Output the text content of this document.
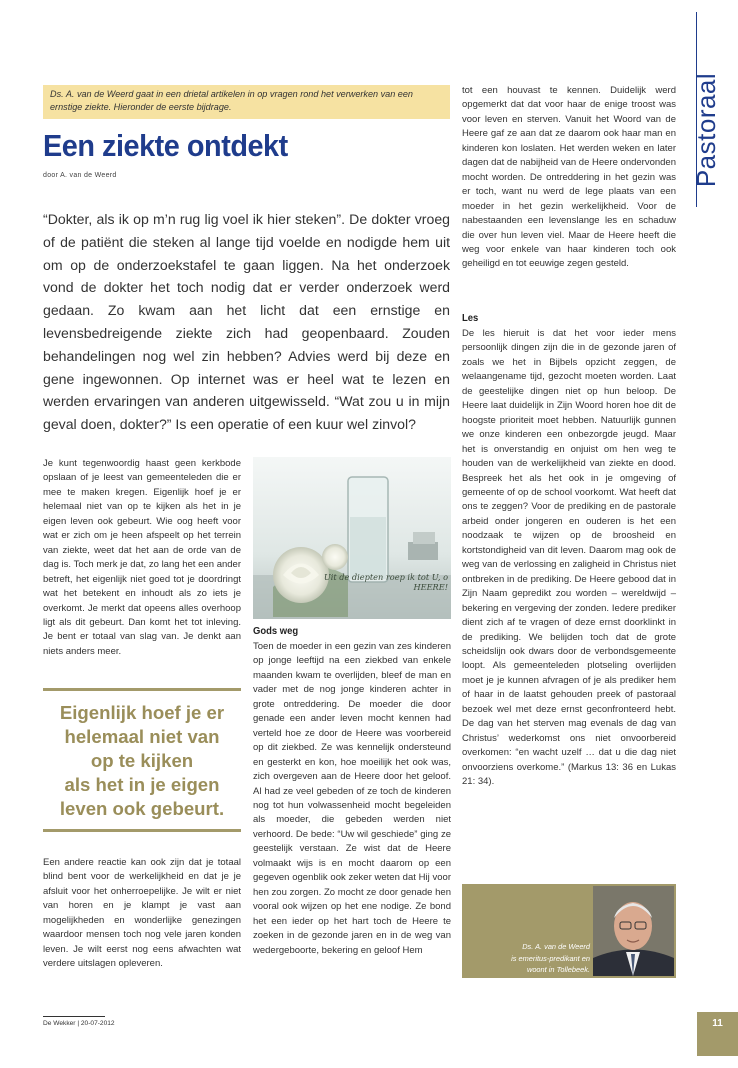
Ds. A. van de Weerd gaat in een drietal artikelen in op vragen rond het verwerken van een ernstige ziekte. Hieronder de eerste bijdrage.
Een ziekte ontdekt
door A. van de Weerd

“Dokter, als ik op m’n rug lig voel ik hier steken”. De dokter vroeg of de patiënt die steken al lange tijd voelde en nodigde hem uit om op de onderzoekstafel te gaan liggen. Na het onderzoek vond de dokter het toch nodig dat er verder onderzoek werd gedaan. Zo kwam aan het licht dat een ernstige en levensbedreigende ziekte zich had geopenbaard. Zouden behandelingen nog wel zin hebben? Advies werd bij deze en gene ingewonnen. Op internet was er heel wat te lezen en werden ervaringen van anderen uitgewisseld. “Wat zou u in mijn geval doen, dokter?” Is een operatie of een kuur wel zinvol?

Je kunt tegenwoordig haast geen kerkbode opslaan of je leest van gemeenteleden die er mee te maken kregen. Eigenlijk hoef je er helemaal niet van op te kijken als het in je eigen leven ook gebeurt. Wie oog heeft voor wat er zich om je heen afspeelt op het terrein van ziekte, weet dat het aan de orde van de dag is. Toch merk je dat, zo lang het een ander betreft, het eigenlijk niet goed tot je doordringt wat het betekent en inhoudt als zo iets je overkomt. Je merkt dat opeens alles overhoop ligt als dit gebeurt. Dan komt het tot inleving. Je bent er totaal van slag van. Je denkt aan niets anders meer.

Eigenlijk hoef je er
helemaal niet van
op te kijken
als het in je eigen
leven ook gebeurt.

Een andere reactie kan ook zijn dat je totaal blind bent voor de werkelijkheid en dat je je afsluit voor het onherroepelijke. Je wilt er niet van horen en je klampt je vast aan mogelijkheden en wonderlijke genezingen waardoor mensen toch nog vele jaren konden leven. Je wilt eerst nog eens afwachten wat verdere uitslagen opleveren.

Uit de diepten roep ik tot U, o HEERE!
Gods weg

Toen de moeder in een gezin van zes kinderen op jonge leeftijd na een ziekbed van enkele maanden kwam te overlijden, bleef de man en vader met de nog jonge kinderen achter in grote ontreddering. De moeder die door genade een ander leven mocht kennen had verteld hoe ze door de Heere was voorbereid op dit ziekbed. Ze was kennelijk ondersteund en gesterkt en kon, hoe moeilijk het ook was, zich overgeven aan de Heere door het geloof. Al had ze veel gebeden of ze toch de kinderen nog tot hun volwassenheid mocht begeleiden als moeder, die gebeden werden niet verhoord. De bede: “Uw wil geschiede” ging ze geestelijk verstaan. Ze wist dat de Heere volmaakt wijs is en mocht daarom op een gegeven ogenblik ook zeker weten dat Hij voor hen zou zorgen. Zo mocht ze door genade hen vooral ook wijzen op het ene nodige. Ze bond het een ieder op het hart toch de Heere te zoeken in de gezonde jaren en in de weg van wedergeboorte, bekering en geloof Hem

tot een houvast te kennen. Duidelijk werd opgemerkt dat dat voor haar de enige troost was voor leven en sterven. Vanuit het Woord van de Heere gaf ze aan dat ze daarom ook haar man en kinderen kon loslaten. Het werden weken en later dagen dat de nabijheid van de Heere ondervonden mocht worden. De ontreddering in het gezin was er toch, want nu werd de lege plaats van een moeder in het gezin werkelijkheid. Voor de nabestaanden een levenslange les en schaduw die over hun leven viel. Maar de Heere heeft die weg voor enkele van haar kinderen toch ook geheiligd en tot eeuwige zegen gesteld.

Les

De les hieruit is dat het voor ieder mens persoonlijk dingen zijn die in de gezonde jaren of zoals we het in Bijbels opzicht zeggen, de welaangename tijd, gezocht moeten worden. Laat de geestelijke dingen niet op hun beloop. De Heere laat duidelijk in Zijn Woord horen hoe dit de hoogste prioriteit moet hebben. Natuurlijk gunnen we onze kinderen een onbezorgde jeugd. Maar het is onverstandig en onjuist om hen weg te houden van de werkelijkheid van ziekte en dood. Bespreek het als het ook in je omgeving of gemeente of op de school voorkomt. Wat heeft dat ons te zeggen? Voor de prediking en de pastorale arbeid onder jongeren en ouderen is het een noodzaak te wijzen op de broosheid en kortstondigheid van dit leven. Daarom mag ook de weg van de verlossing en zaligheid in Christus niet ontbreken in de prediking. De Heere gebood dat in Zijn Naam gepredikt zou worden – wereldwijd – bekering en vergeving der zonden. Iedere prediker dient zich af te vragen of deze ernst doorklinkt in de prediking. We belijden toch dat de grote scheidslijn ook dwars door de verbondsgemeente loopt. Als gemeenteleden plotseling overlijden moet je je kunnen afvragen of je als prediker hem of haar in de laatst gehouden preek of pastoraal bezoek wel met deze ernst geconfronteerd hebt. De dag van het sterven mag evenals de dag van Christus’ wederkomst ons niet onvoorbereid overkomen: “en wacht uzelf … dat u die dag niet onvoorziens overkome.” (Markus 13: 36 en Lukas 21: 34).

Ds. A. van de Weerd
is emeritus-predikant en
woont in Tollebeek.
Pastoraal
De Wekker | 20-07-2012	11
